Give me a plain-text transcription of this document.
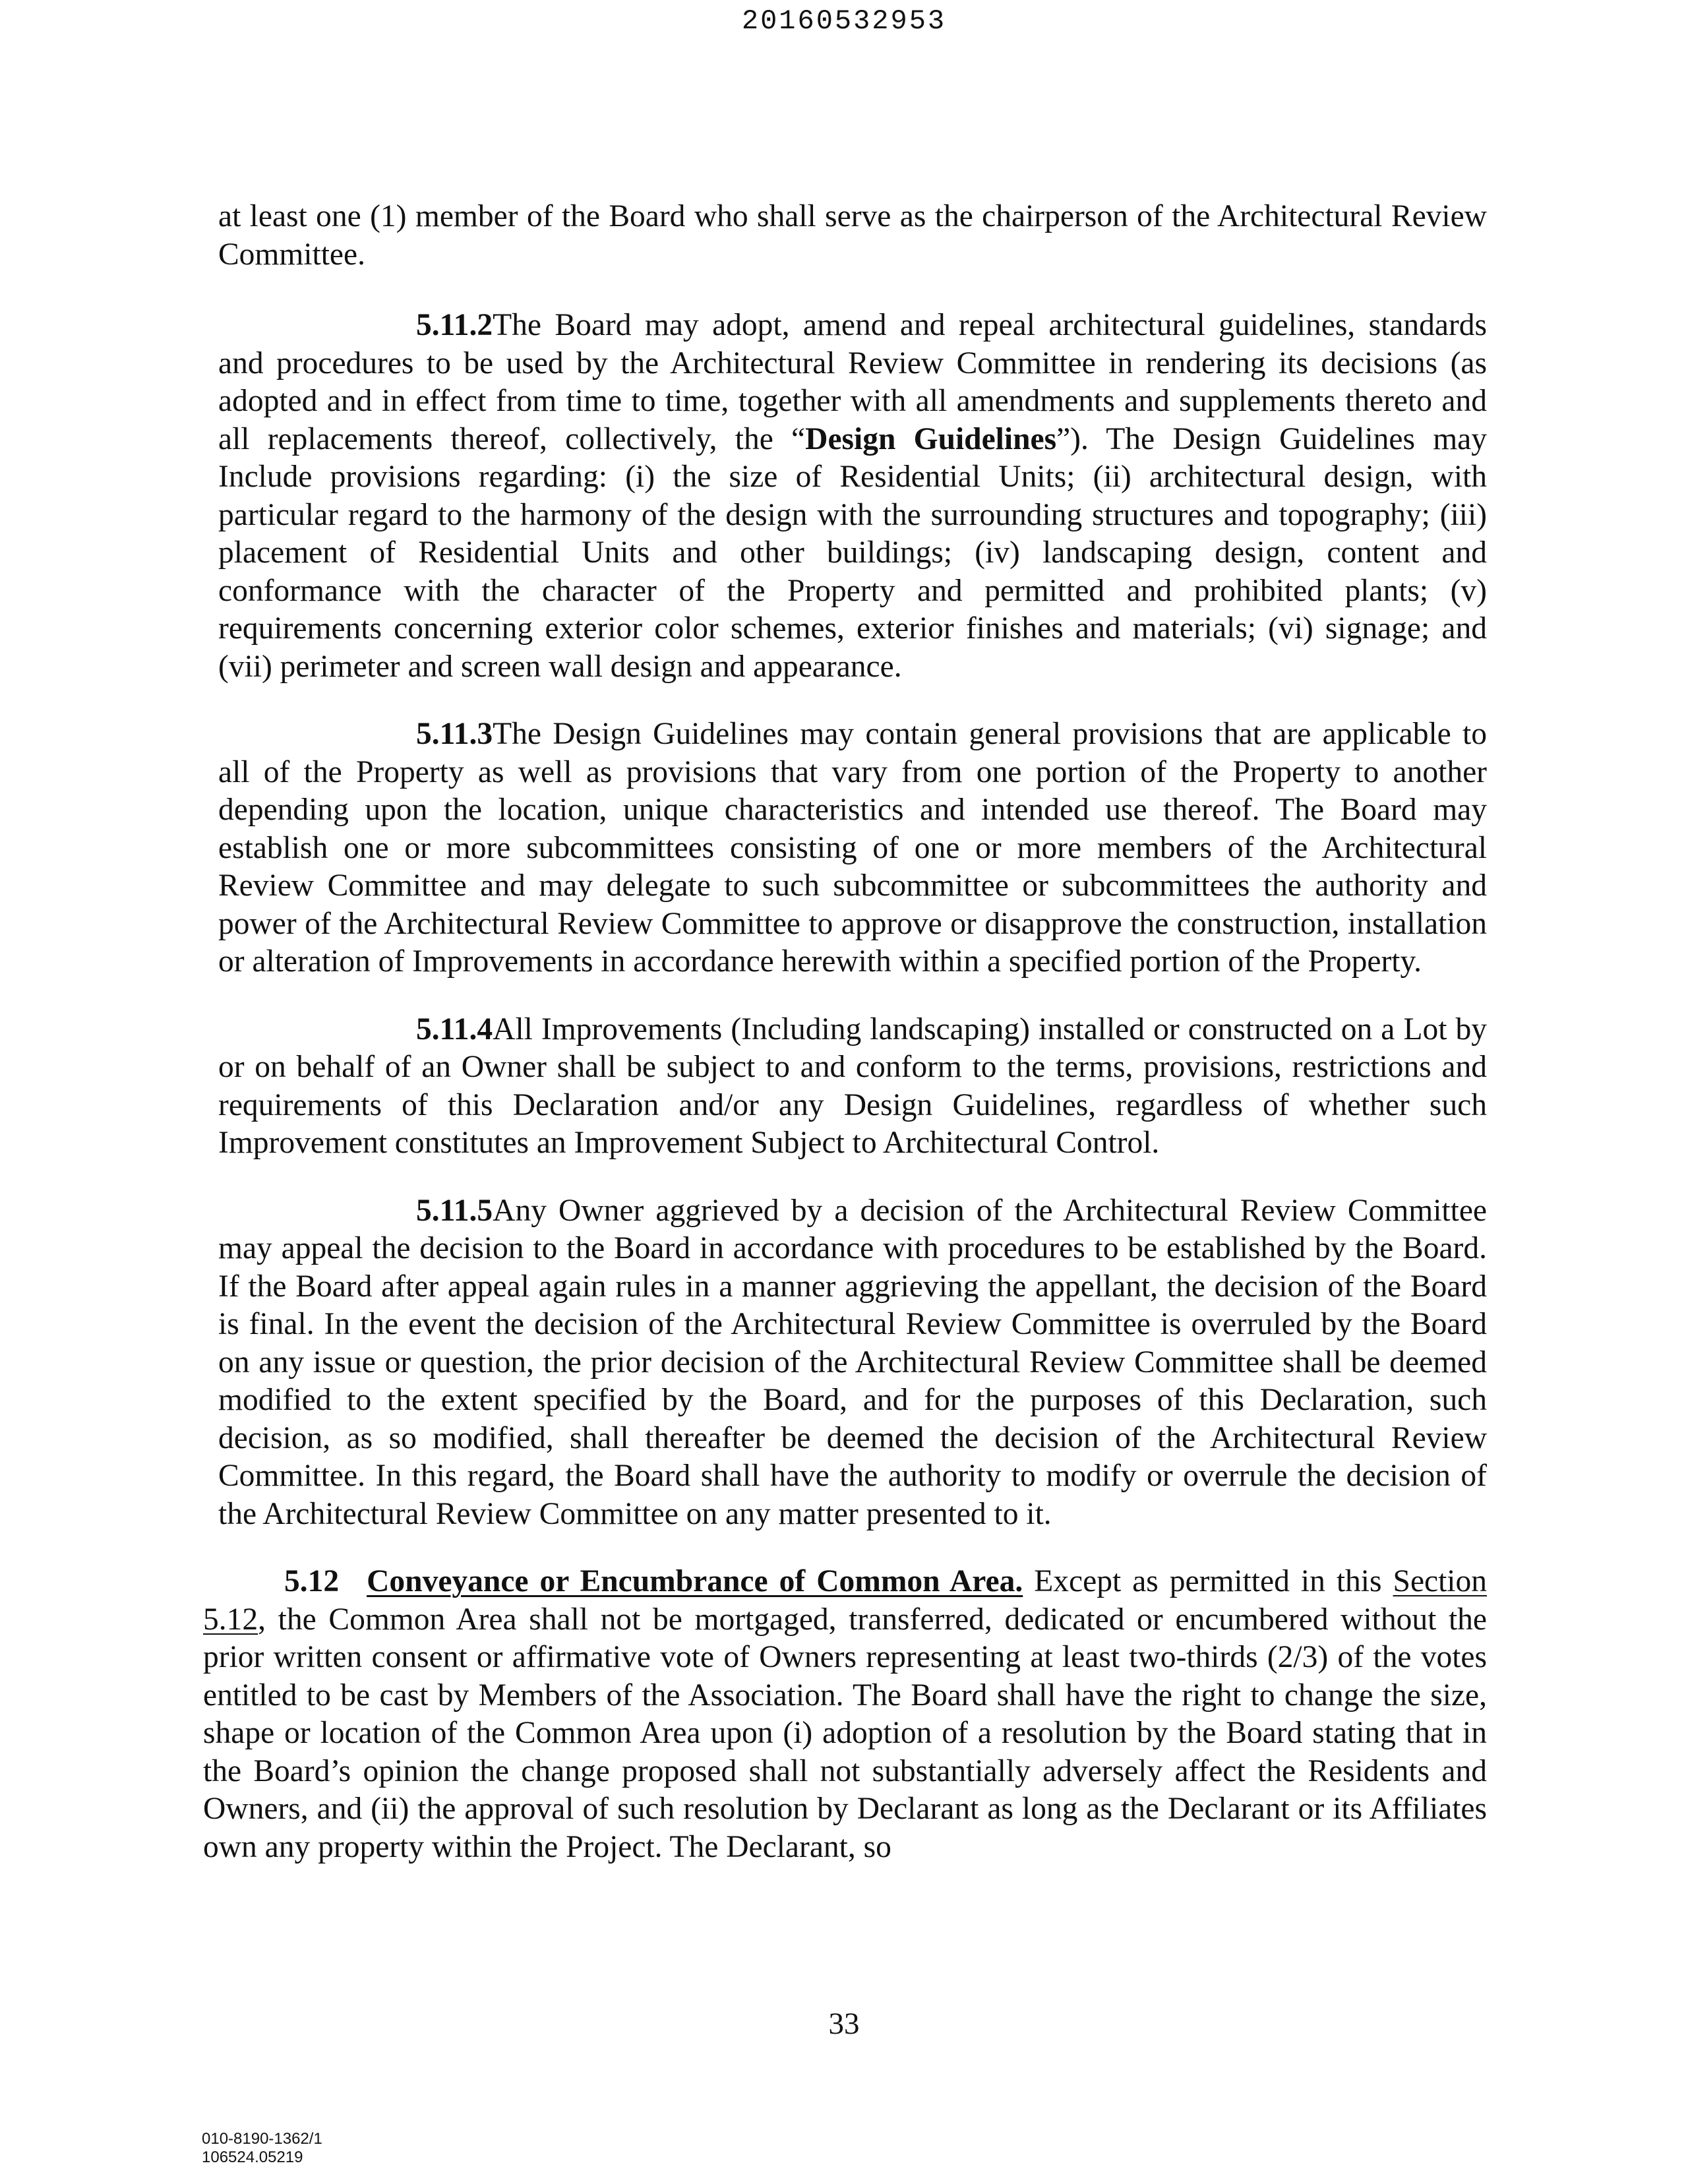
20160532953

at least one (1) member of the Board who shall serve as the chairperson of the Architectural Review Committee.

5.11.2The Board may adopt, amend and repeal architectural guidelines, standards and procedures to be used by the Architectural Review Committee in rendering its decisions (as adopted and in effect from time to time, together with all amendments and supplements thereto and all replacements thereof, collectively, the “Design Guidelines”). The Design Guidelines may Include provisions regarding: (i) the size of Residential Units; (ii) architectural design, with particular regard to the harmony of the design with the surrounding structures and topography; (iii) placement of Residential Units and other buildings; (iv) landscaping design, content and conformance with the character of the Property and permitted and prohibited plants; (v) requirements concerning exterior color schemes, exterior finishes and materials; (vi) signage; and (vii) perimeter and screen wall design and appearance.

5.11.3The Design Guidelines may contain general provisions that are applicable to all of the Property as well as provisions that vary from one portion of the Property to another depending upon the location, unique characteristics and intended use thereof. The Board may establish one or more subcommittees consisting of one or more members of the Architectural Review Committee and may delegate to such subcommittee or subcommittees the authority and power of the Architectural Review Committee to approve or disapprove the construction, installation or alteration of Improvements in accordance herewith within a specified portion of the Property.

5.11.4All Improvements (Including landscaping) installed or constructed on a Lot by or on behalf of an Owner shall be subject to and conform to the terms, provisions, restrictions and requirements of this Declaration and/or any Design Guidelines, regardless of whether such Improvement constitutes an Improvement Subject to Architectural Control.

5.11.5Any Owner aggrieved by a decision of the Architectural Review Committee may appeal the decision to the Board in accordance with procedures to be established by the Board. If the Board after appeal again rules in a manner aggrieving the appellant, the decision of the Board is final. In the event the decision of the Architectural Review Committee is overruled by the Board on any issue or question, the prior decision of the Architectural Review Committee shall be deemed modified to the extent specified by the Board, and for the purposes of this Declaration, such decision, as so modified, shall thereafter be deemed the decision of the Architectural Review Committee. In this regard, the Board shall have the authority to modify or overrule the decision of the Architectural Review Committee on any matter presented to it.

5.12 Conveyance or Encumbrance of Common Area. Except as permitted in this Section 5.12, the Common Area shall not be mortgaged, transferred, dedicated or encumbered without the prior written consent or affirmative vote of Owners representing at least two-thirds (2/3) of the votes entitled to be cast by Members of the Association. The Board shall have the right to change the size, shape or location of the Common Area upon (i) adoption of a resolution by the Board stating that in the Board’s opinion the change proposed shall not substantially adversely affect the Residents and Owners, and (ii) the approval of such resolution by Declarant as long as the Declarant or its Affiliates own any property within the Project. The Declarant, so

33
010-8190-1362/1
106524.05219
